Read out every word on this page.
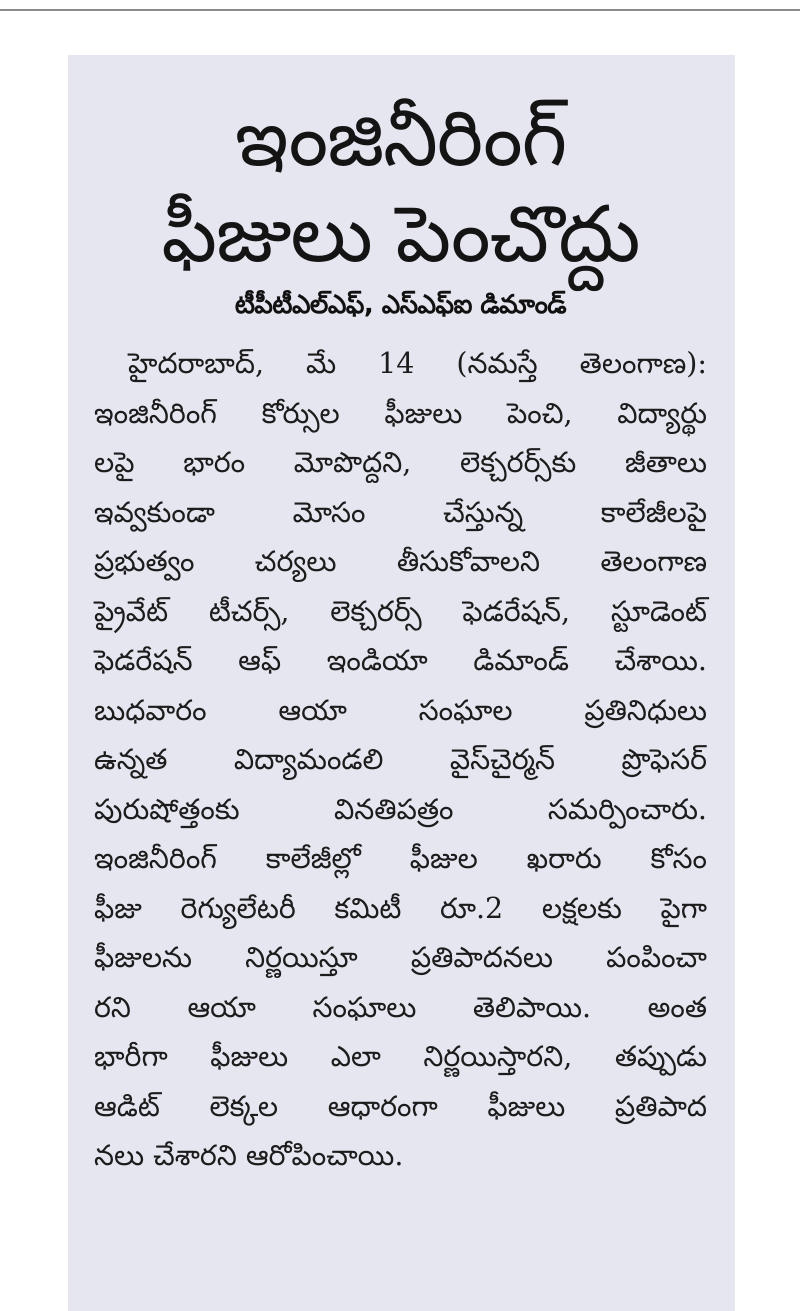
ఇంజినీరింగ్
ఫీజులు పెంచొద్దు
టీపీటీఎల్‌ఎఫ్‌, ఎస్‌ఎఫ్‌ఐ డిమాండ్‌
హైదరాబాద్‌, మే 14 (నమస్తే తెలంగాణ):
ఇంజినీరింగ్‌ కోర్సుల ఫీజులు పెంచి, విద్యార్థు
లపై భారం మోపొద్దని, లెక్చరర్స్‌కు జీతాలు
ఇవ్వకుండా మోసం చేస్తున్న కాలేజీలపై
ప్రభుత్వం చర్యలు తీసుకోవాలని తెలంగాణ
ప్రైవేట్‌ టీచర్స్‌, లెక్చరర్స్‌ ఫెడరేషన్‌, స్టూడెంట్‌
ఫెడరేషన్‌ ఆఫ్‌ ఇండియా డిమాండ్‌ చేశాయి.
బుధవారం ఆయా సంఘాల ప్రతినిధులు
ఉన్నత విద్యామండలి వైస్‌చైర్మన్‌ ప్రొఫెసర్‌
పురుషోత్తంకు వినతిపత్రం సమర్పించారు.
ఇంజినీరింగ్‌ కాలేజీల్లో ఫీజుల ఖరారు కోసం
ఫీజు రెగ్యులేటరీ కమిటీ రూ.2 లక్షలకు పైగా
ఫీజులను నిర్ణయిస్తూ ప్రతిపాదనలు పంపించా
రని ఆయా సంఘాలు తెలిపాయి. అంత
భారీగా ఫీజులు ఎలా నిర్ణయిస్తారని, తప్పుడు
ఆడిట్‌ లెక్కల ఆధారంగా ఫీజులు ప్రతిపాద
నలు చేశారని ఆరోపించాయి.
